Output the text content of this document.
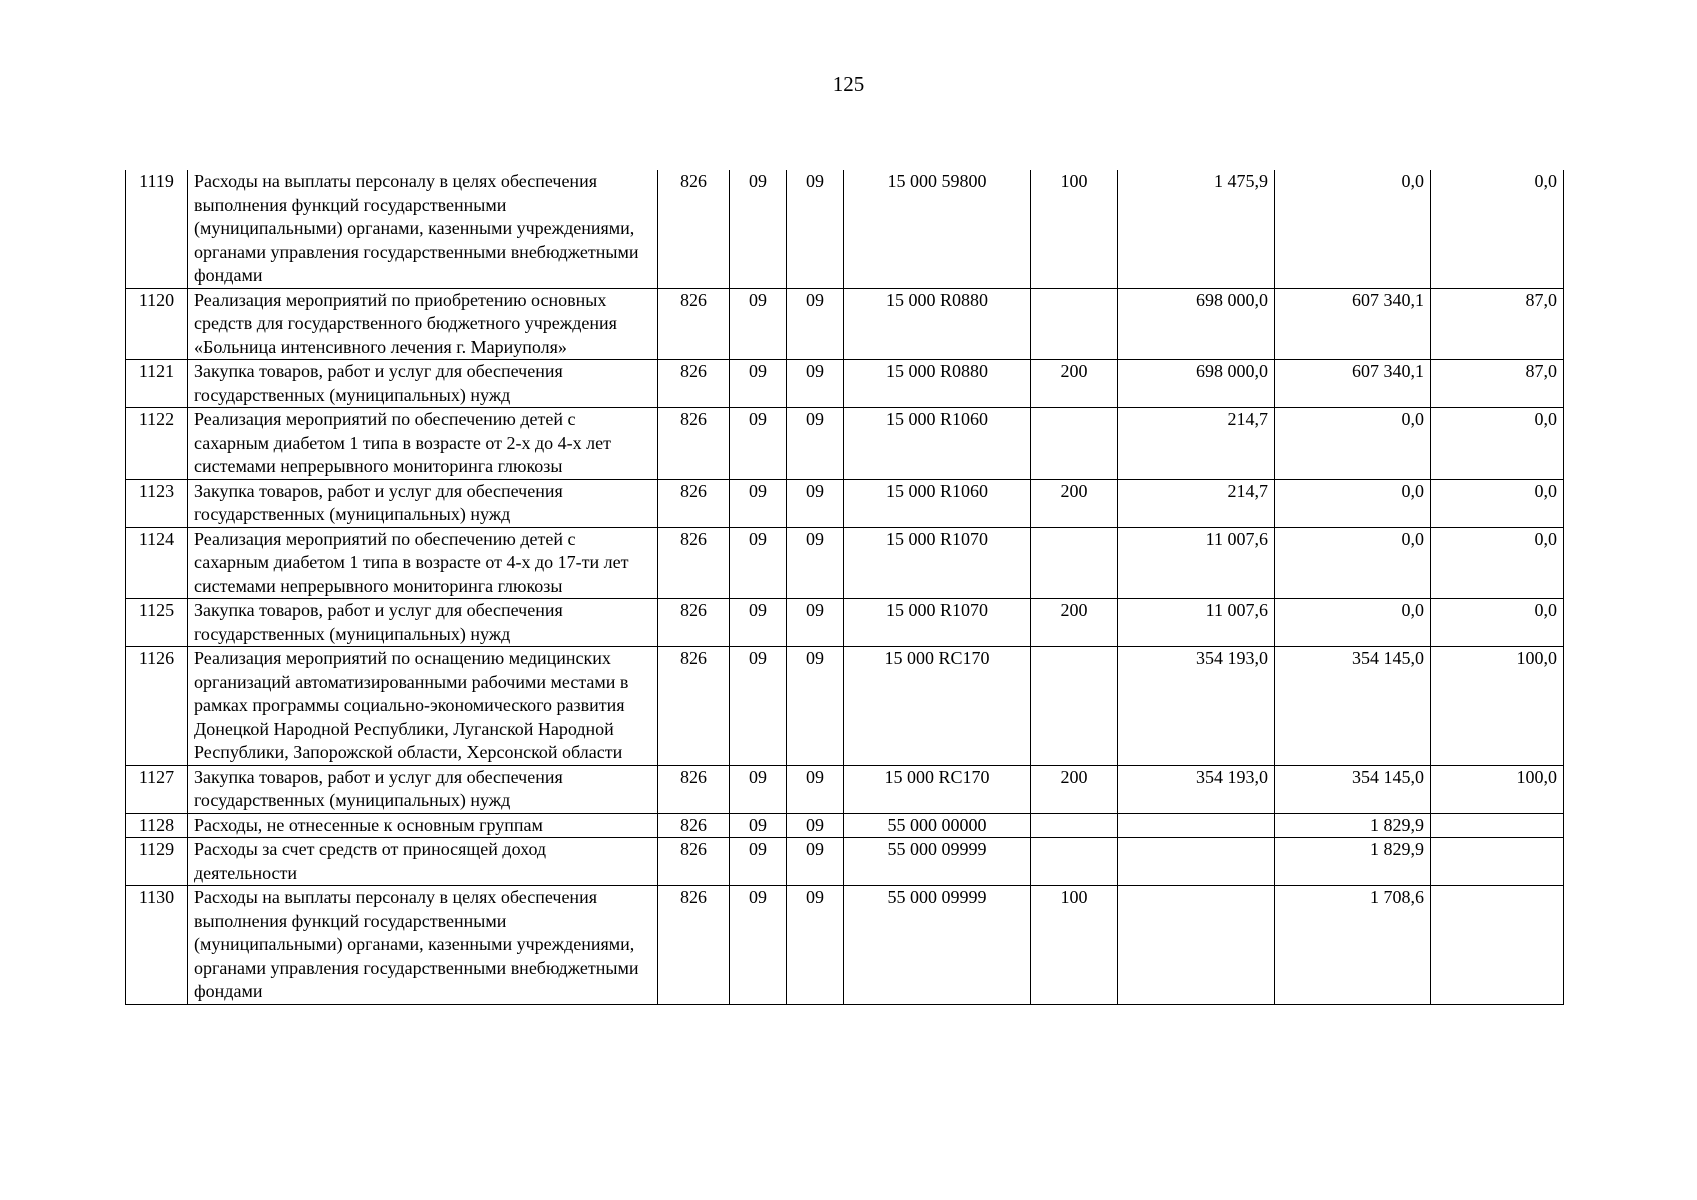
125
1119	Расходы на выплаты персоналу в целях обеспечения выполнения функций государственными (муниципальными) органами, казенными учреждениями, органами управления государственными внебюджетными фондами	826	09	09	15 000 59800	100	1 475,9	0,0	0,0
1120	Реализация мероприятий по приобретению основных средств для государственного бюджетного учреждения «Больница интенсивного лечения г. Мариуполя»	826	09	09	15 000 R0880		698 000,0	607 340,1	87,0
1121	Закупка товаров, работ и услуг для обеспечения государственных (муниципальных) нужд	826	09	09	15 000 R0880	200	698 000,0	607 340,1	87,0
1122	Реализация мероприятий по обеспечению детей с сахарным диабетом 1 типа в возрасте от 2-х до 4-х лет системами непрерывного мониторинга глюкозы	826	09	09	15 000 R1060		214,7	0,0	0,0
1123	Закупка товаров, работ и услуг для обеспечения государственных (муниципальных) нужд	826	09	09	15 000 R1060	200	214,7	0,0	0,0
1124	Реализация мероприятий по обеспечению детей с сахарным диабетом 1 типа в возрасте от 4-х до 17-ти лет системами непрерывного мониторинга глюкозы	826	09	09	15 000 R1070		11 007,6	0,0	0,0
1125	Закупка товаров, работ и услуг для обеспечения государственных (муниципальных) нужд	826	09	09	15 000 R1070	200	11 007,6	0,0	0,0
1126	Реализация мероприятий по оснащению медицинских организаций автоматизированными рабочими местами в рамках программы социально-экономического развития Донецкой Народной Республики, Луганской Народной Республики, Запорожской области, Херсонской области	826	09	09	15 000 RC170		354 193,0	354 145,0	100,0
1127	Закупка товаров, работ и услуг для обеспечения государственных (муниципальных) нужд	826	09	09	15 000 RC170	200	354 193,0	354 145,0	100,0
1128	Расходы, не отнесенные к основным группам	826	09	09	55 000 00000			1 829,9	
1129	Расходы за счет средств от приносящей доход деятельности	826	09	09	55 000 09999			1 829,9	
1130	Расходы на выплаты персоналу в целях обеспечения выполнения функций государственными (муниципальными) органами, казенными учреждениями, органами управления государственными внебюджетными фондами	826	09	09	55 000 09999	100		1 708,6	
